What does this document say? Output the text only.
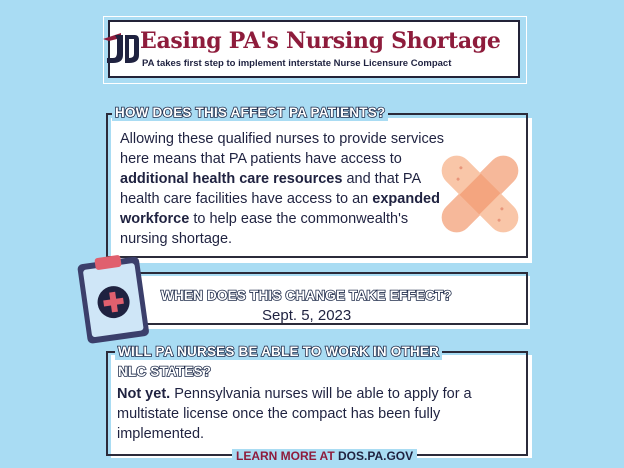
Easing PA's Nursing Shortage
PA takes first step to implement interstate Nurse Licensure Compact
HOW DOES THIS AFFECT PA PATIENTS?
Allowing these qualified nurses to provide services here means that PA patients have access to additional health care resources and that PA health care facilities have access to an expanded workforce to help ease the commonwealth's nursing shortage.
WHEN DOES THIS CHANGE TAKE EFFECT?
Sept. 5, 2023
WILL PA NURSES BE ABLE TO WORK IN OTHER
NLC STATES?
Not yet. Pennsylvania nurses will be able to apply for a multistate license once the compact has been fully implemented.
LEARN MORE AT DOS.PA.GOV
